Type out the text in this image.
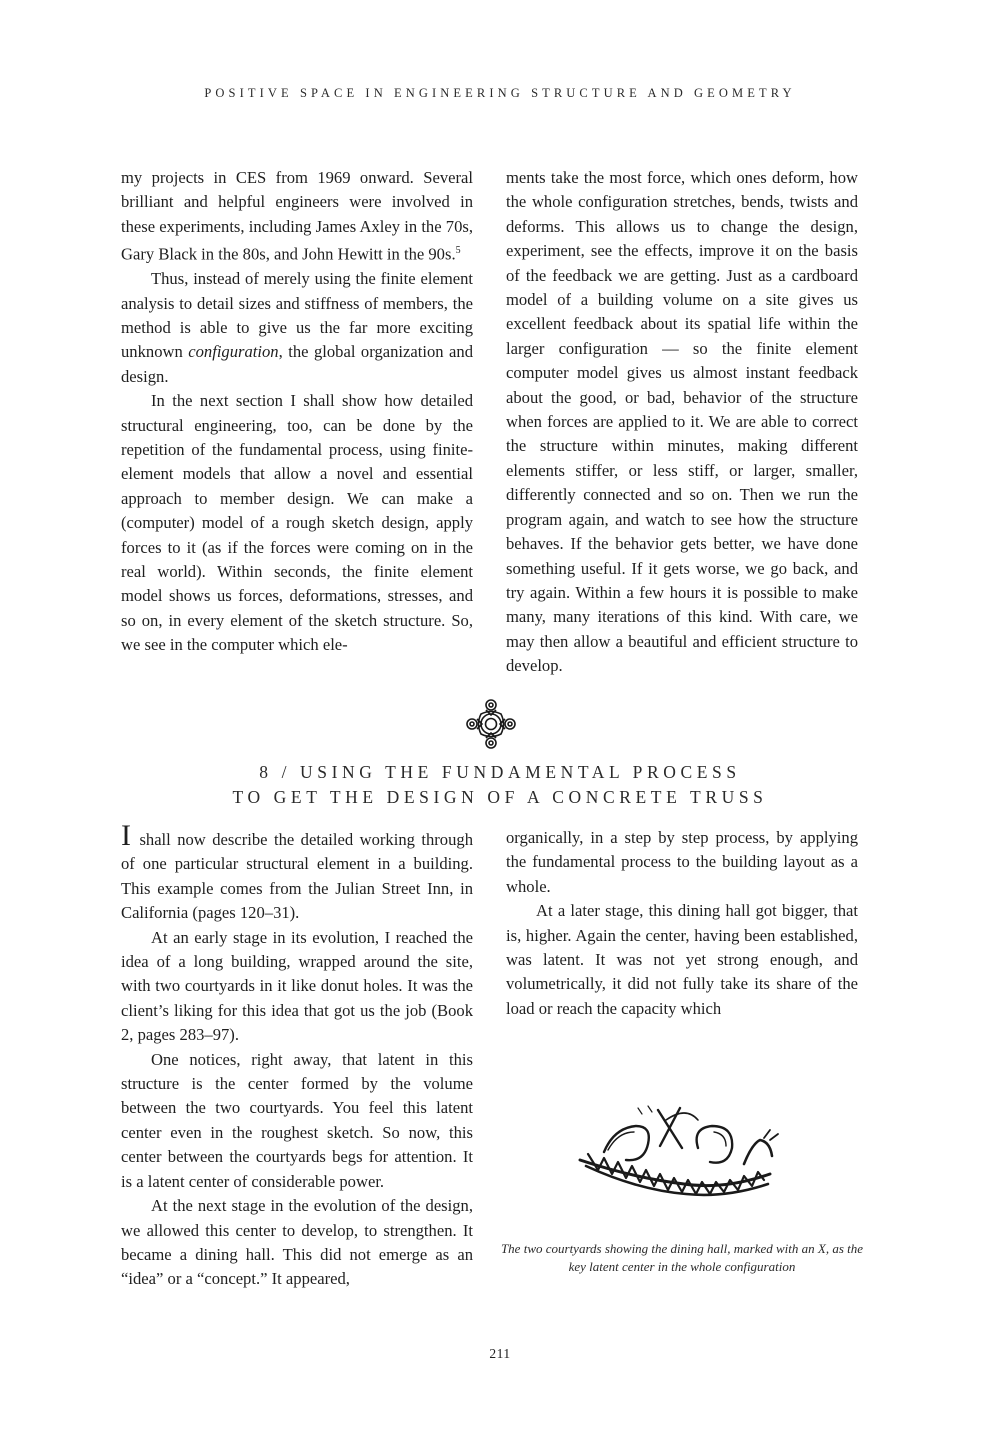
POSITIVE SPACE IN ENGINEERING STRUCTURE AND GEOMETRY

my projects in CES from 1969 onward. Several brilliant and helpful engineers were involved in these experiments, including James Axley in the 70s, Gary Black in the 80s, and John Hewitt in the 90s.$^5$

Thus, instead of merely using the finite element analysis to detail sizes and stiffness of members, the method is able to give us the far more exciting unknown configuration, the global organization and design.

In the next section I shall show how detailed structural engineering, too, can be done by the repetition of the fundamental process, using finite-element models that allow a novel and essential approach to member design. We can make a (computer) model of a rough sketch design, apply forces to it (as if the forces were coming on in the real world). Within seconds, the finite element model shows us forces, deformations, stresses, and so on, in every element of the sketch structure. So, we see in the computer which ele-

ments take the most force, which ones deform, how the whole configuration stretches, bends, twists and deforms. This allows us to change the design, experiment, see the effects, improve it on the basis of the feedback we are getting. Just as a cardboard model of a building volume on a site gives us excellent feedback about its spatial life within the larger configuration — so the finite element computer model gives us almost instant feedback about the good, or bad, behavior of the structure when forces are applied to it. We are able to correct the structure within minutes, making different elements stiffer, or less stiff, or larger, smaller, differently connected and so on. Then we run the program again, and watch to see how the structure behaves. If the behavior gets better, we have done something useful. If it gets worse, we go back, and try again. Within a few hours it is possible to make many, many iterations of this kind. With care, we may then allow a beautiful and efficient structure to develop.

8 / USING THE FUNDAMENTAL PROCESS
TO GET THE DESIGN OF A CONCRETE TRUSS

I shall now describe the detailed working through of one particular structural element in a building. This example comes from the Julian Street Inn, in California (pages 120–31).

At an early stage in its evolution, I reached the idea of a long building, wrapped around the site, with two courtyards in it like donut holes. It was the client’s liking for this idea that got us the job (Book 2, pages 283–97).

One notices, right away, that latent in this structure is the center formed by the volume between the two courtyards. You feel this latent center even in the roughest sketch. So now, this center between the courtyards begs for attention. It is a latent center of considerable power.

At the next stage in the evolution of the design, we allowed this center to develop, to strengthen. It became a dining hall. This did not emerge as an “idea” or a “concept.” It appeared,

organically, in a step by step process, by applying the fundamental process to the building layout as a whole.

At a later stage, this dining hall got bigger, that is, higher. Again the center, having been established, was latent. It was not yet strong enough, and volumetrically, it did not fully take its share of the load or reach the capacity which

The two courtyards showing the dining hall, marked with an X, as the key latent center in the whole configuration
211
